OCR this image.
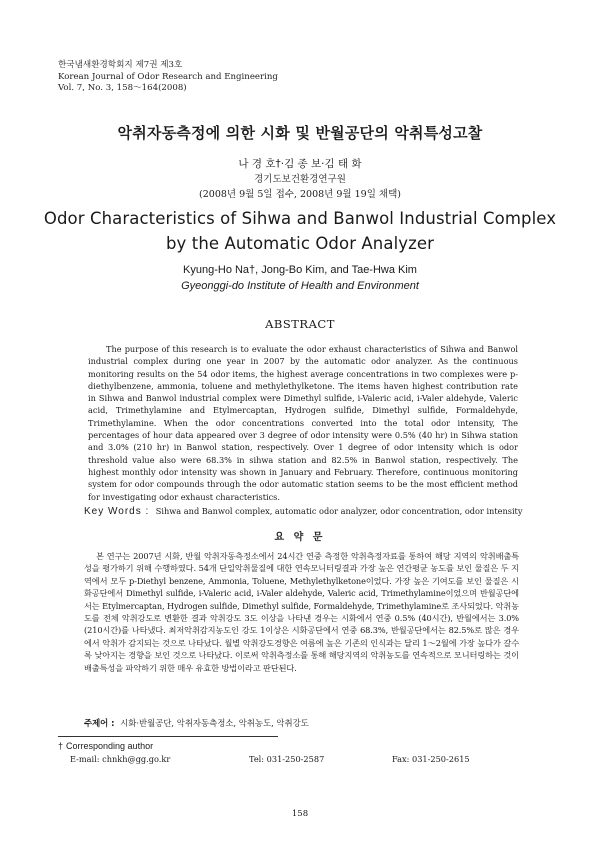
한국냄새환경학회지 제7권 제3호
Korean Journal of Odor Research and Engineering
Vol. 7, No. 3, 158～164(2008)
악취자동측정에 의한 시화 및 반월공단의 악취특성고찰
나 경 호†·김 종 보·김 태 화
경기도보건환경연구원
(2008년 9월 5일 접수, 2008년 9월 19일 채택)
Odor Characteristics of Sihwa and Banwol Industrial Complex by the Automatic Odor Analyzer
Kyung-Ho Na†, Jong-Bo Kim, and Tae-Hwa Kim
Gyeonggi-do Institute of Health and Environment
ABSTRACT
The purpose of this research is to evaluate the odor exhaust characteristics of Sihwa and Banwol industrial complex during one year in 2007 by the automatic odor analyzer. As the continuous monitoring results on the 54 odor items, the highest average concentrations in two complexes were p-diethylbenzene, ammonia, toluene and methylethylketone. The items haven highest contribution rate in Sihwa and Banwol industrial complex were Dimethyl sulfide, i-Valeric acid, i-Valer aldehyde, Valeric acid, Trimethylamine and Etylmercaptan, Hydrogen sulfide, Dimethyl sulfide, Formaldehyde, Trimethylamine. When the odor concentrations converted into the total odor intensity, The percentages of hour data appeared over 3 degree of odor intensity were 0.5% (40 hr) in Sihwa station and 3.0% (210 hr) in Banwol station, respectively. Over 1 degree of odor intensity which is odor threshold value also were 68.3% in sihwa station and 82.5% in Banwol station, respectively. The highest monthly odor intensity was shown in January and February. Therefore, continuous monitoring system for odor compounds through the odor automatic station seems to be the most efficient method for investigating odor exhaust characteristics.
Key Words : Sihwa and Banwol complex, automatic odor analyzer, odor concentration, odor intensity
요 약 문
본 연구는 2007년 시화, 반월 악취자동측정소에서 24시간 연중 측정한 악취측정자료를 통하여 해당 지역의 악취배출특성을 평가하기 위해 수행하였다. 54개 단일악취물질에 대한 연속모니터링결과 가장 높은 연간평균 농도를 보인 물질은 두 지역에서 모두 p-Diethyl benzene, Ammonia, Toluene, Methylethylketone이었다. 가장 높은 기여도를 보인 물질은 시화공단에서 Dimethyl sulfide, i-Valeric acid, i-Valer aldehyde, Valeric acid, Trimethylamine이었으며 반월공단에서는 Etylmercaptan, Hydrogen sulfide, Dimethyl sulfide, Formaldehyde, Trimethylamine로 조사되었다. 악취농도를 전체 악취강도로 변환한 결과 악취강도 3도 이상을 나타낸 경우는 시화에서 연중 0.5% (40시간), 반월에서는 3.0% (210시간)를 나타냈다. 최저악취감지농도인 강도 1이상은 시화공단에서 연중 68.3%, 반월공단에서는 82.5%로 많은 경우에서 악취가 감지되는 것으로 나타났다. 월별 악취강도경향은 여름에 높은 기존의 인식과는 달리 1～2월에 가장 높다가 갈수록 낮아지는 경향을 보인 것으로 나타났다. 이로써 악취측정소를 통해 해당지역의 악취농도를 연속적으로 모니터링하는 것이 배출특성을 파악하기 위한 매우 유효한 방법이라고 판단된다.
주제어 : 시화·반월공단, 악취자동측정소, 악취농도, 악취강도
† Corresponding author
E-mail: chnkh@gg.go.kr	Tel: 031-250-2587	Fax: 031-250-2615
158
